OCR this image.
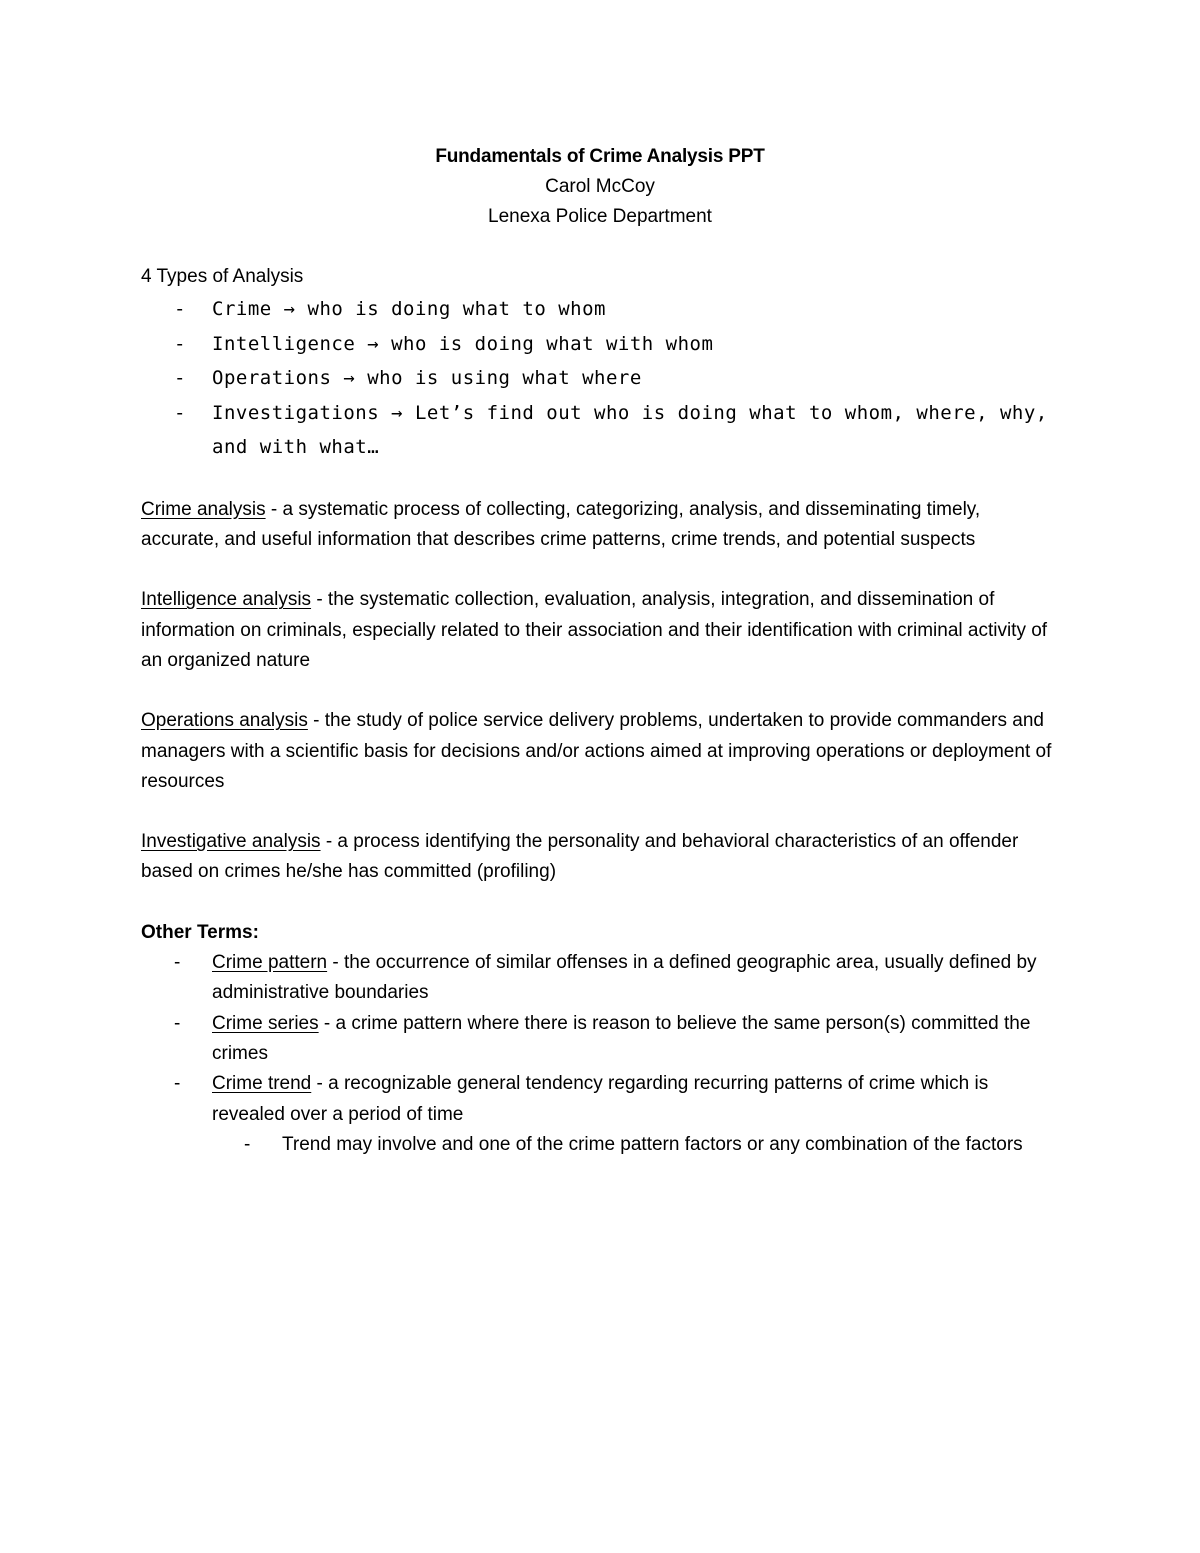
Fundamentals of Crime Analysis PPT
Carol McCoy
Lenexa Police Department

4 Types of Analysis

- Crime → who is doing what to whom
- Intelligence → who is doing what with whom
- Operations → who is using what where
- Investigations → Let’s find out who is doing what to whom, where, why, and with what…

Crime analysis - a systematic process of collecting, categorizing, analysis, and disseminating timely, accurate, and useful information that describes crime patterns, crime trends, and potential suspects

Intelligence analysis - the systematic collection, evaluation, analysis, integration, and dissemination of information on criminals, especially related to their association and their identification with criminal activity of an organized nature

Operations analysis - the study of police service delivery problems, undertaken to provide commanders and managers with a scientific basis for decisions and/or actions aimed at improving operations or deployment of resources

Investigative analysis - a process identifying the personality and behavioral characteristics of an offender based on crimes he/she has committed (profiling)

Other Terms:

- Crime pattern - the occurrence of similar offenses in a defined geographic area, usually defined by administrative boundaries
- Crime series - a crime pattern where there is reason to believe the same person(s) committed the crimes
- Crime trend - a recognizable general tendency regarding recurring patterns of crime which is revealed over a period of time
- Trend may involve and one of the crime pattern factors or any combination of the factors
